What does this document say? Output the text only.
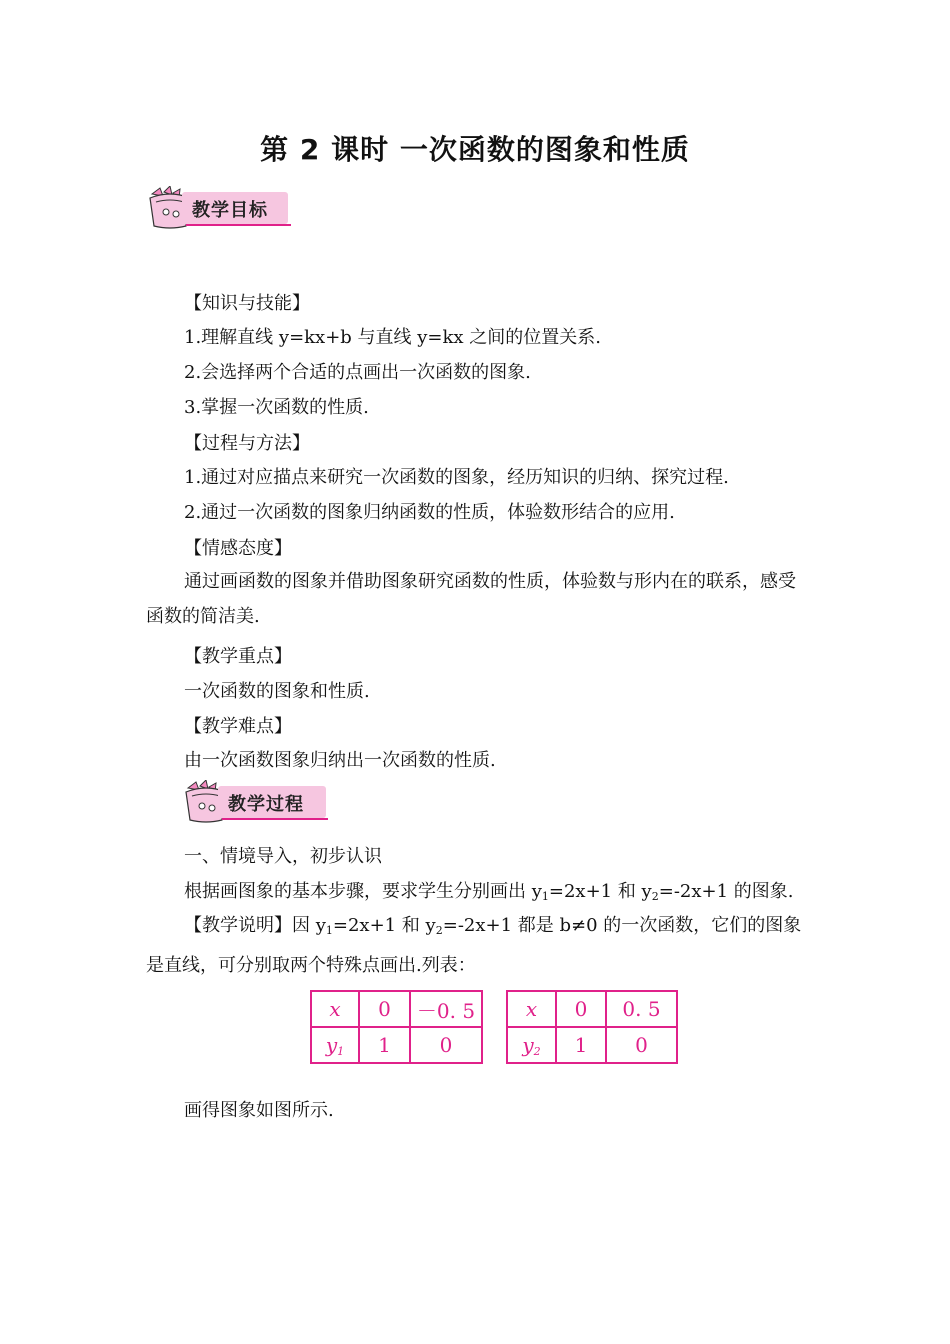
第 2 课时 一次函数的图象和性质
教学目标
【知识与技能】
1.理解直线 y=kx+b 与直线 y=kx 之间的位置关系.
2.会选择两个合适的点画出一次函数的图象.
3.掌握一次函数的性质.
【过程与方法】
1.通过对应描点来研究一次函数的图象，经历知识的归纳、探究过程.
2.通过一次函数的图象归纳函数的性质，体验数形结合的应用.
【情感态度】
通过画函数的图象并借助图象研究函数的性质，体验数与形内在的联系，感受函数的简洁美.
【教学重点】
一次函数的图象和性质.
【教学难点】
由一次函数图象归纳出一次函数的性质.
教学过程
一、情境导入，初步认识
根据画图象的基本步骤，要求学生分别画出 $y_1=2x+1$ 和 $y_2=-2x+1$ 的图象.
【教学说明】因 $y_1=2x+1$ 和 $y_2=-2x+1$ 都是 b≠0 的一次函数，它们的图象是直线，可分别取两个特殊点画出.列表：
x	0	－0. 5
$y_1$	1	0
x	0	0. 5
$y_2$	1	0
画得图象如图所示.
